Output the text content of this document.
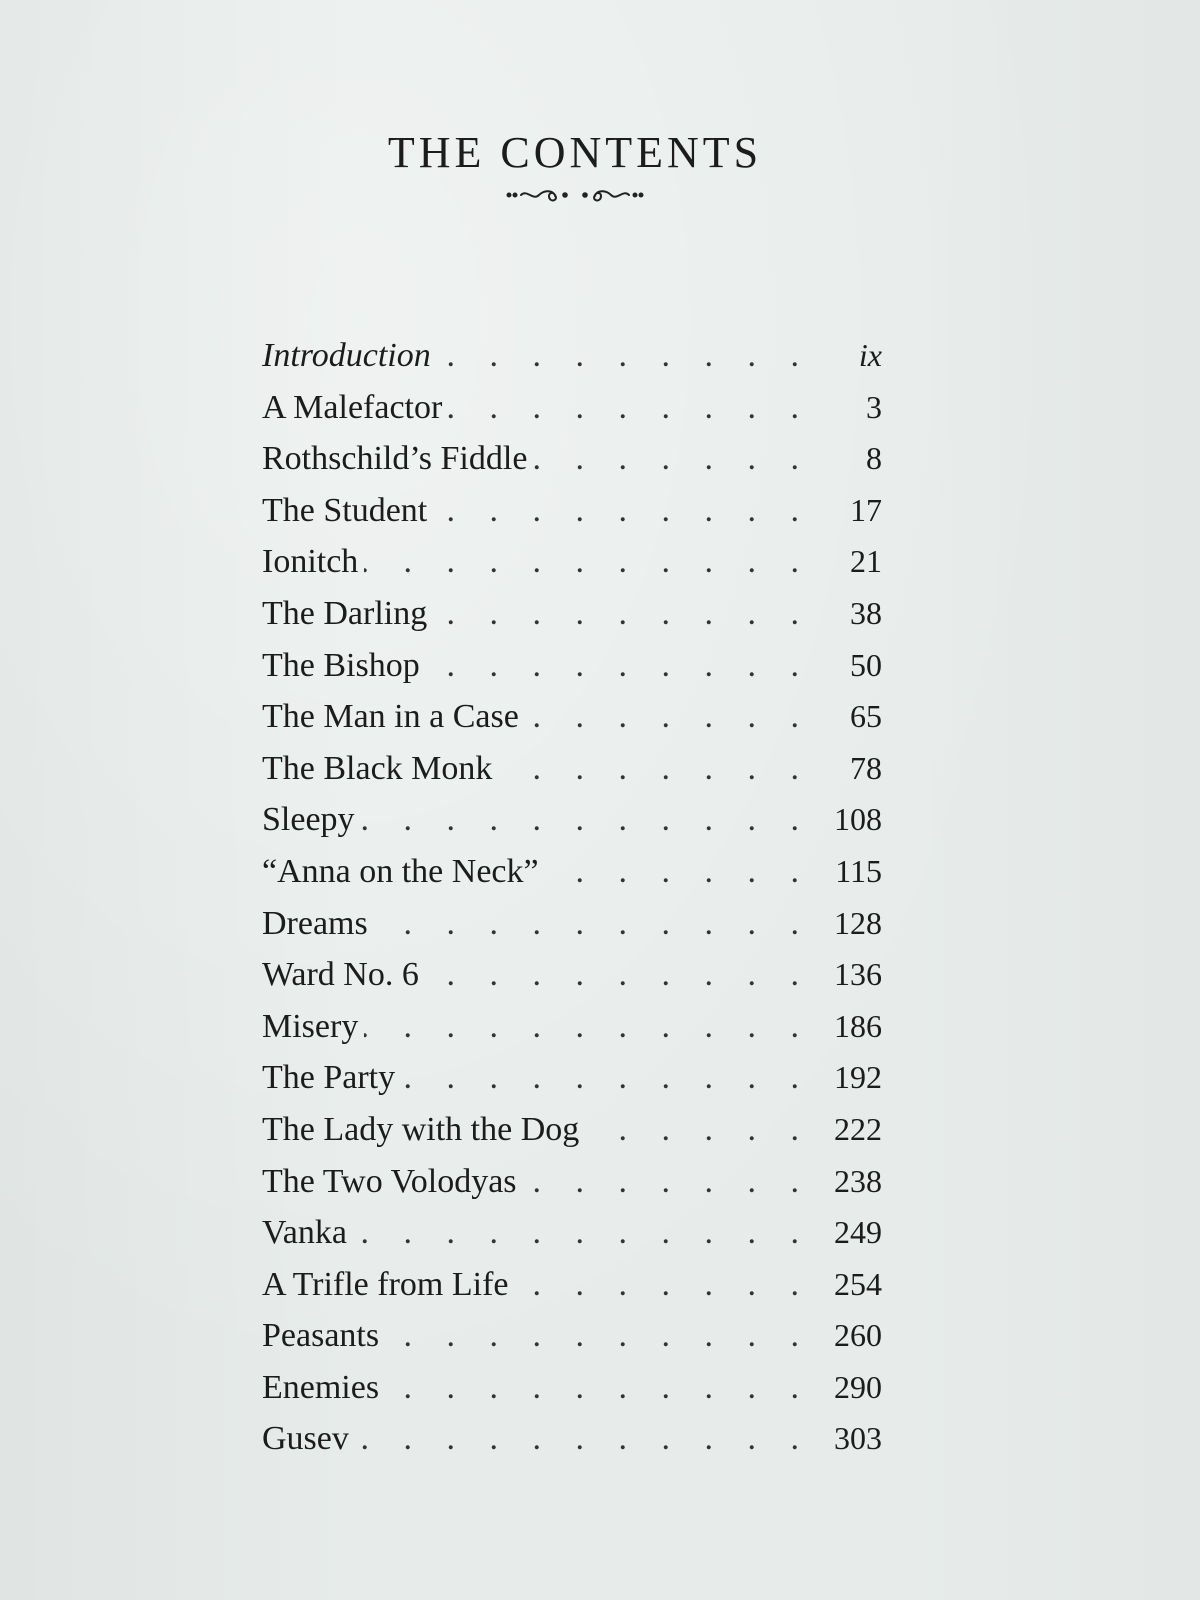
THE CONTENTS
Introduction . . .	ix
A Malefactor . . .	3
Rothschild’s Fiddle . . .	8
The Student . . .	17
Ionitch . . .	21
The Darling . . .	38
The Bishop . . .	50
The Man in a Case . . .	65
The Black Monk . . .	78
Sleepy . . .	108
“Anna on the Neck” . . .	115
Dreams . . .	128
Ward No. 6 . . .	136
Misery . . .	186
The Party . . .	192
The Lady with the Dog . . .	222
The Two Volodyas . . .	238
Vanka . . .	249
A Trifle from Life . . .	254
Peasants . . .	260
Enemies . . .	290
Gusev . . .	303
